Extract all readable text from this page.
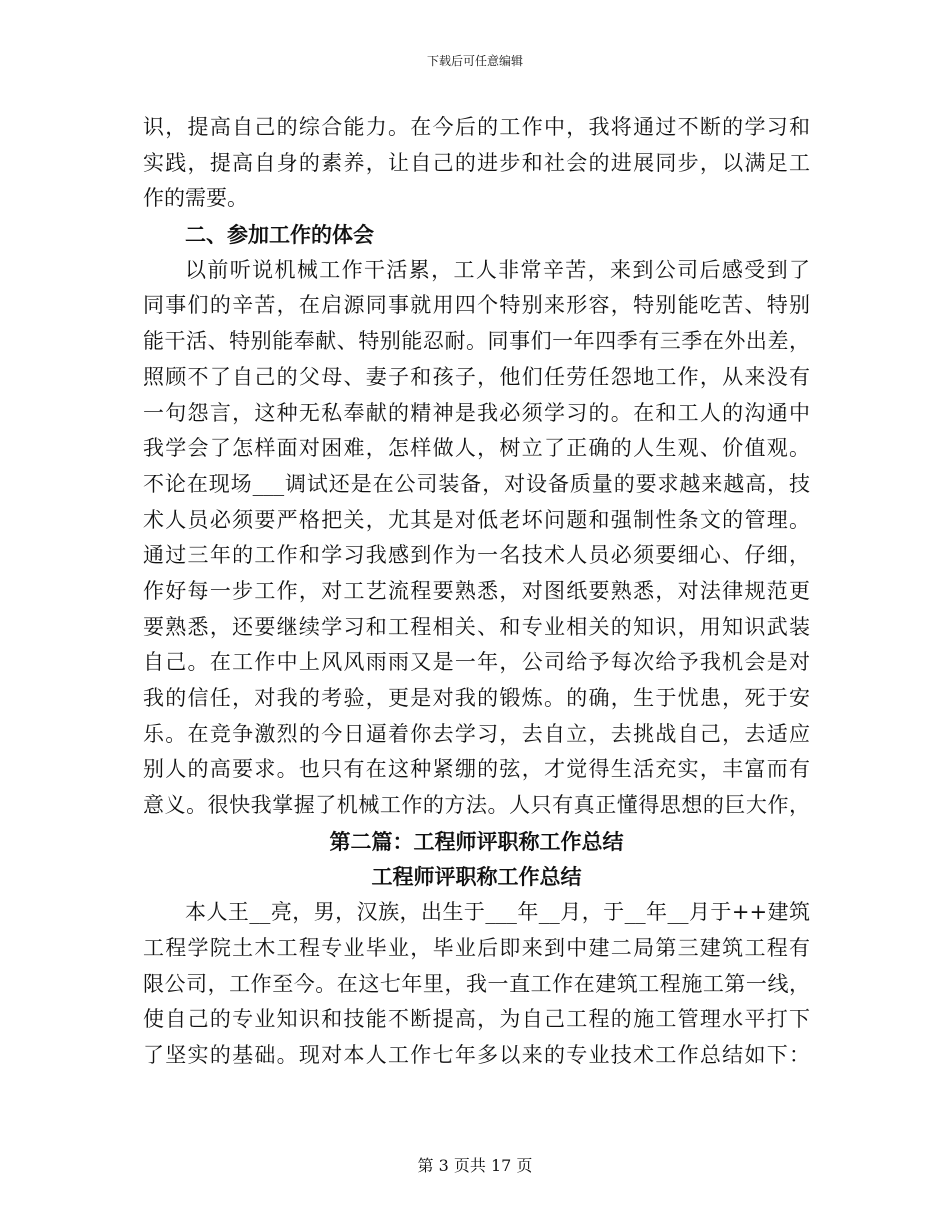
下载后可任意编辑
识，提高自己的综合能力。在今后的工作中，我将通过不断的学习和
实践，提高自身的素养，让自己的进步和社会的进展同步，以满足工
作的需要。
二、参加工作的体会
以前听说机械工作干活累，工人非常辛苦，来到公司后感受到了
同事们的辛苦，在启源同事就用四个特别来形容，特别能吃苦、特别
能干活、特别能奉献、特别能忍耐。同事们一年四季有三季在外出差，
照顾不了自己的父母、妻子和孩子，他们任劳任怨地工作，从来没有
一句怨言，这种无私奉献的精神是我必须学习的。在和工人的沟通中
我学会了怎样面对困难，怎样做人，树立了正确的人生观、价值观。
不论在现场___调试还是在公司装备，对设备质量的要求越来越高，技
术人员必须要严格把关，尤其是对低老坏问题和强制性条文的管理。
通过三年的工作和学习我感到作为一名技术人员必须要细心、仔细，
作好每一步工作，对工艺流程要熟悉，对图纸要熟悉，对法律规范更
要熟悉，还要继续学习和工程相关、和专业相关的知识，用知识武装
自己。在工作中上风风雨雨又是一年，公司给予每次给予我机会是对
我的信任，对我的考验，更是对我的锻炼。的确，生于忧患，死于安
乐。在竞争激烈的今日逼着你去学习，去自立，去挑战自己，去适应
别人的高要求。也只有在这种紧绷的弦，才觉得生活充实，丰富而有
意义。很快我掌握了机械工作的方法。人只有真正懂得思想的巨大作，
第二篇：工程师评职称工作总结
工程师评职称工作总结
本人王__亮，男，汉族，出生于___年__月，于__年__月于++建筑
工程学院土木工程专业毕业，毕业后即来到中建二局第三建筑工程有
限公司，工作至今。在这七年里，我一直工作在建筑工程施工第一线，
使自己的专业知识和技能不断提高，为自己工程的施工管理水平打下
了坚实的基础。现对本人工作七年多以来的专业技术工作总结如下：
第 3 页共 17 页
